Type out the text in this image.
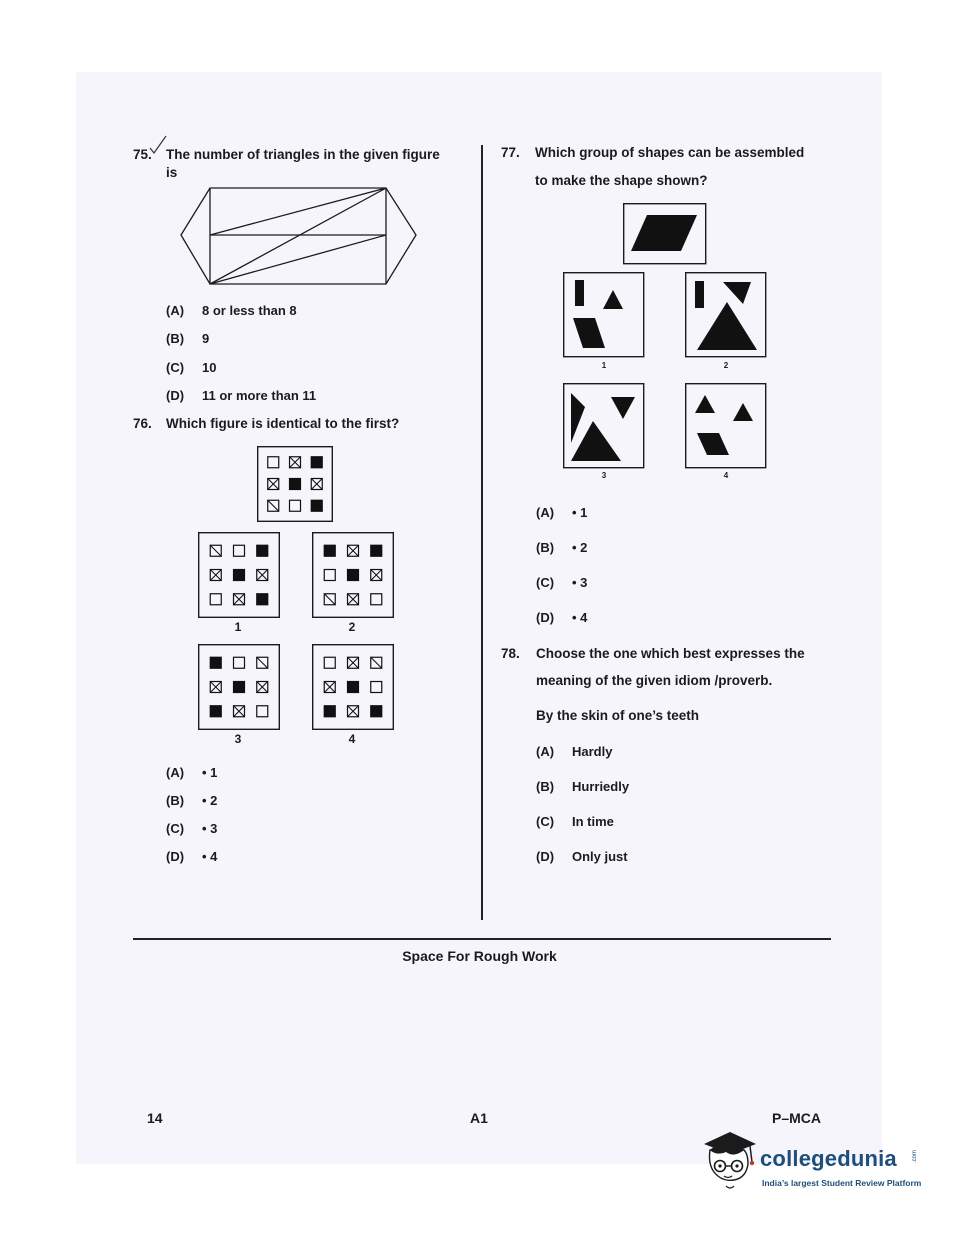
75. The number of triangles in the given figure
is
(A) 8 or less than 8
(B) 9
(C) 10
(D) 11 or more than 11
76. Which figure is identical to the first?
1	2
3	4
(A) • 1
(B) • 2
(C) • 3
(D) • 4
77. Which group of shapes can be assembled
to make the shape shown?
1	2
3	4
(A) • 1
(B) • 2
(C) • 3
(D) • 4
78. Choose the one which best expresses the
meaning of the given idiom /proverb.
By the skin of one’s teeth
(A) Hardly
(B) Hurriedly
(C) In time
(D) Only just
Space For Rough Work
14	A1	P–MCA
collegedunia	.com
India’s largest Student Review Platform
